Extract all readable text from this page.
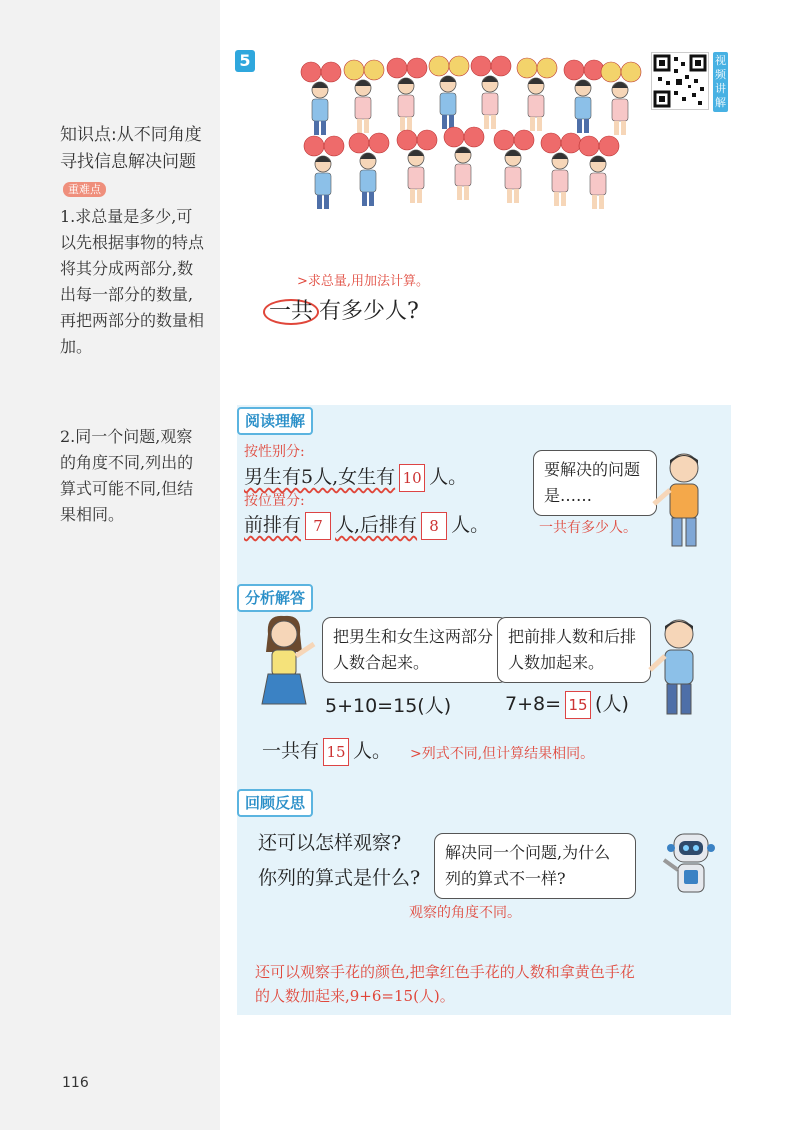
知识点:从不同角度寻找信息解决问题重难点
1.求总量是多少,可以先根据事物的特点将其分成两部分,数出每一部分的数量,再把两部分的数量相加。
2.同一个问题,观察的角度不同,列出的算式可能不同,但结果相同。
5	视频讲解
>求总量,用加法计算。
一共 有多少人?
阅读理解
按性别分:
男生有5人,女生有 10 人。
按位置分:
前排有 7 人,后排有 8 人。
要解决的问题是……
一共有多少人。
分析解答
把男生和女生这两部分人数合起来。
把前排人数和后排人数加起来。
5+10=15(人)	7+8= 15 (人)
一共有 15 人。 >列式不同,但计算结果相同。
回顾反思
还可以怎样观察?
你列的算式是什么?
解决同一个问题,为什么列的算式不一样?
观察的角度不同。
还可以观察手花的颜色,把拿红色手花的人数和拿黄色手花
的人数加起来,9+6=15(人)。
116
